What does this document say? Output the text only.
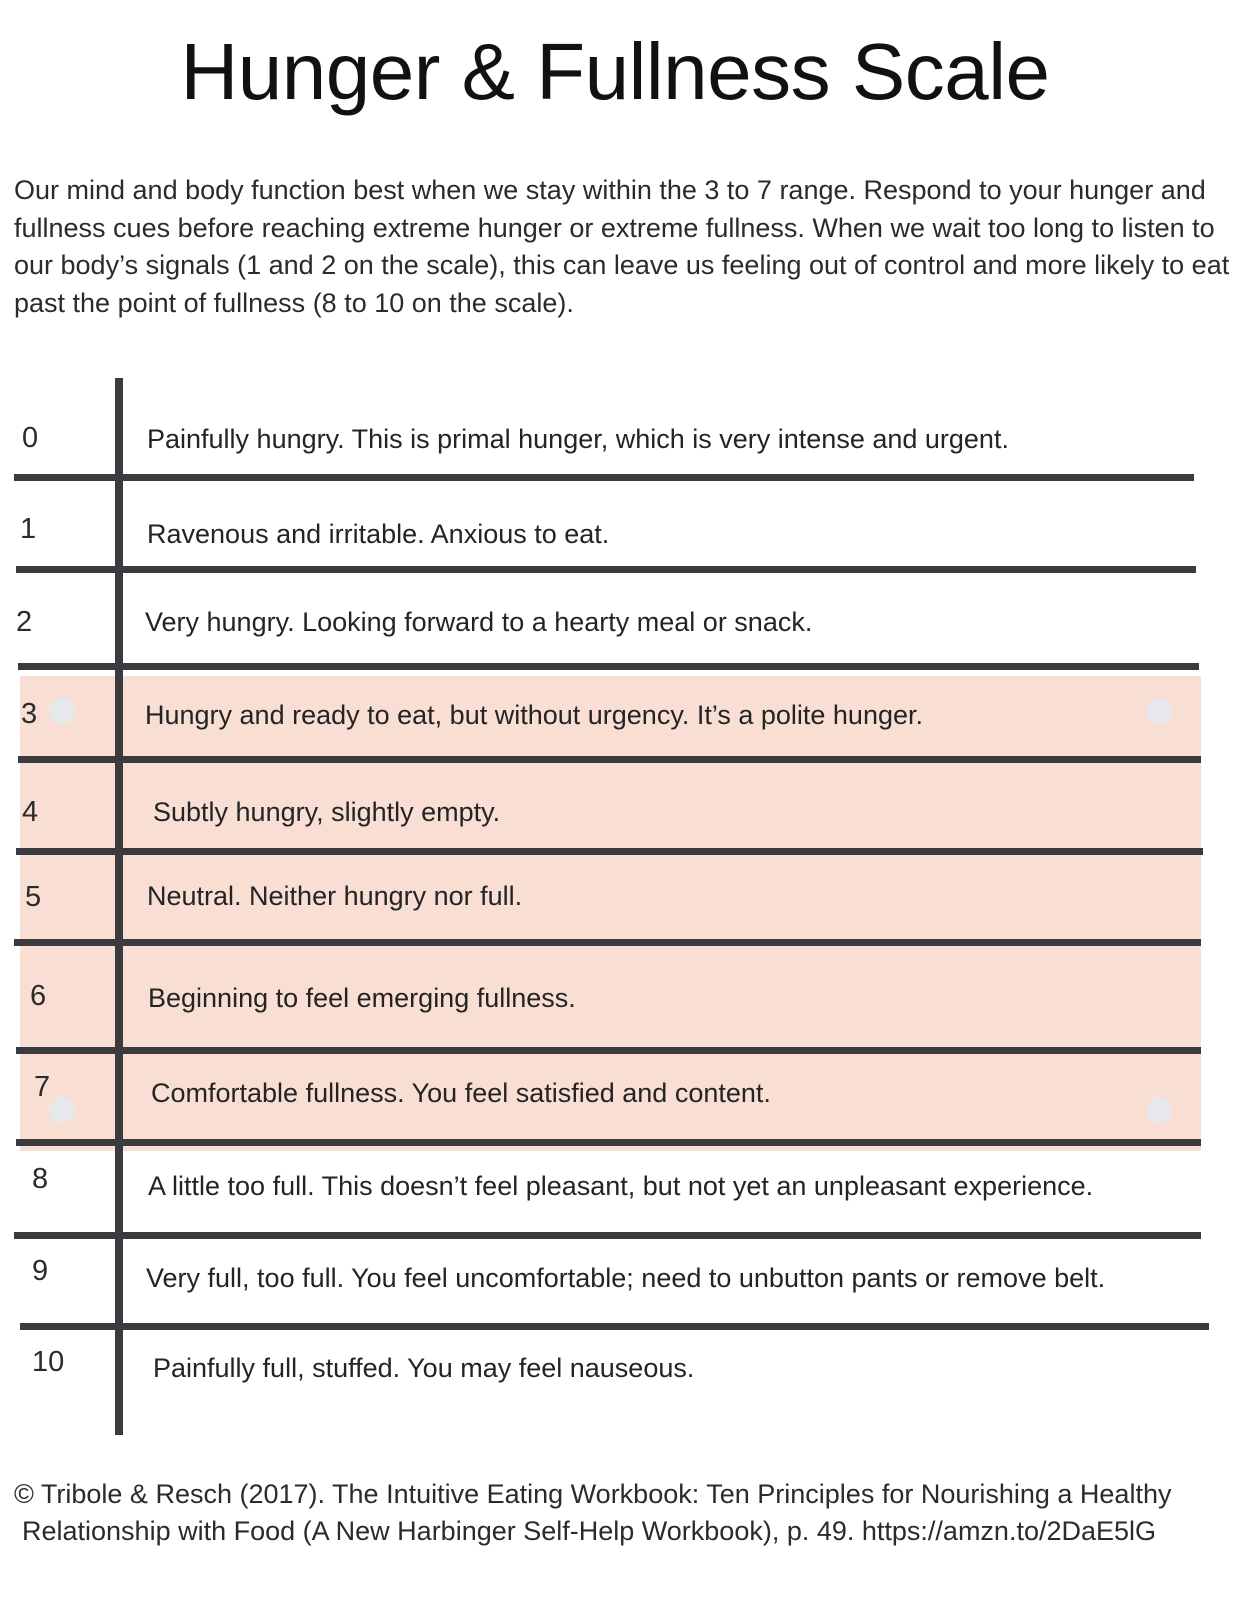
Hunger & Fullness Scale

Our mind and body function best when we stay within the 3 to 7 range. Respond to your hunger and fullness cues before reaching extreme hunger or extreme fullness. When we wait too long to listen to our body’s signals (1 and 2 on the scale), this can leave us feeling out of control and more likely to eat past the point of fullness (8 to 10 on the scale).

0	Painfully hungry. This is primal hunger, which is very intense and urgent.
1	Ravenous and irritable. Anxious to eat.
2	Very hungry. Looking forward to a hearty meal or snack.
3	Hungry and ready to eat, but without urgency. It’s a polite hunger.
4	Subtly hungry, slightly empty.
5	Neutral. Neither hungry nor full.
6	Beginning to feel emerging fullness.
7	Comfortable fullness. You feel satisfied and content.
8	A little too full. This doesn’t feel pleasant, but not yet an unpleasant experience.
9	Very full, too full. You feel uncomfortable; need to unbutton pants or remove belt.
10	Painfully full, stuffed. You may feel nauseous.
© Tribole & Resch (2017). The Intuitive Eating Workbook: Ten Principles for Nourishing a Healthy
Relationship with Food (A New Harbinger Self-Help Workbook), p. 49. https://amzn.to/2DaE5lG
